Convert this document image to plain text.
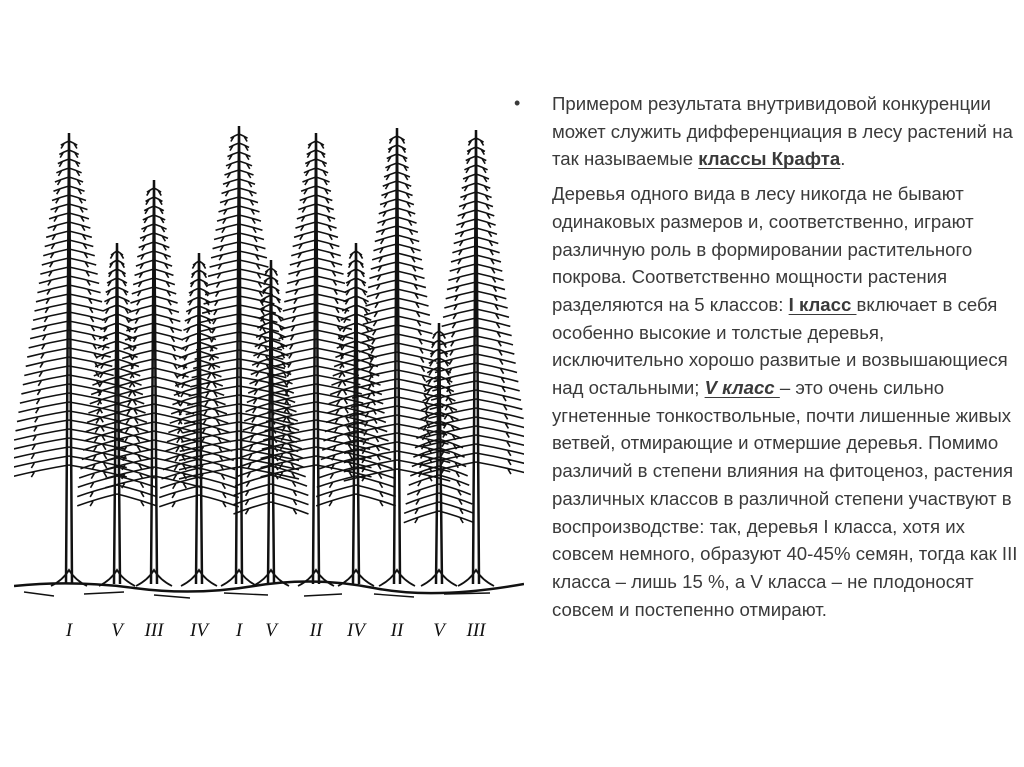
I V III IV I V II IV II V III

• Примером результата внутривидовой конкуренции может служить дифференциация в лесу растений на так называемые классы Крафта.

Деревья одного вида в лесу никогда не бывают одинаковых размеров и, соответственно, играют различную роль в формировании растительного покрова. Соответственно мощности растения разделяются на 5 классов: I класс включает в себя особенно высокие и толстые деревья, исключительно хорошо развитые и возвышающиеся над остальными; V класс – это очень сильно угнетенные тонкоствольные, почти лишенные живых ветвей, отмирающие и отмершие деревья. Помимо различий в степени влияния на фитоценоз, растения различных классов в различной степени участвуют в воспроизводстве: так, деревья I класса, хотя их совсем немного, образуют 40-45% семян, тогда как III класса – лишь 15 %, а V класса – не плодоносят совсем и постепенно отмирают.
